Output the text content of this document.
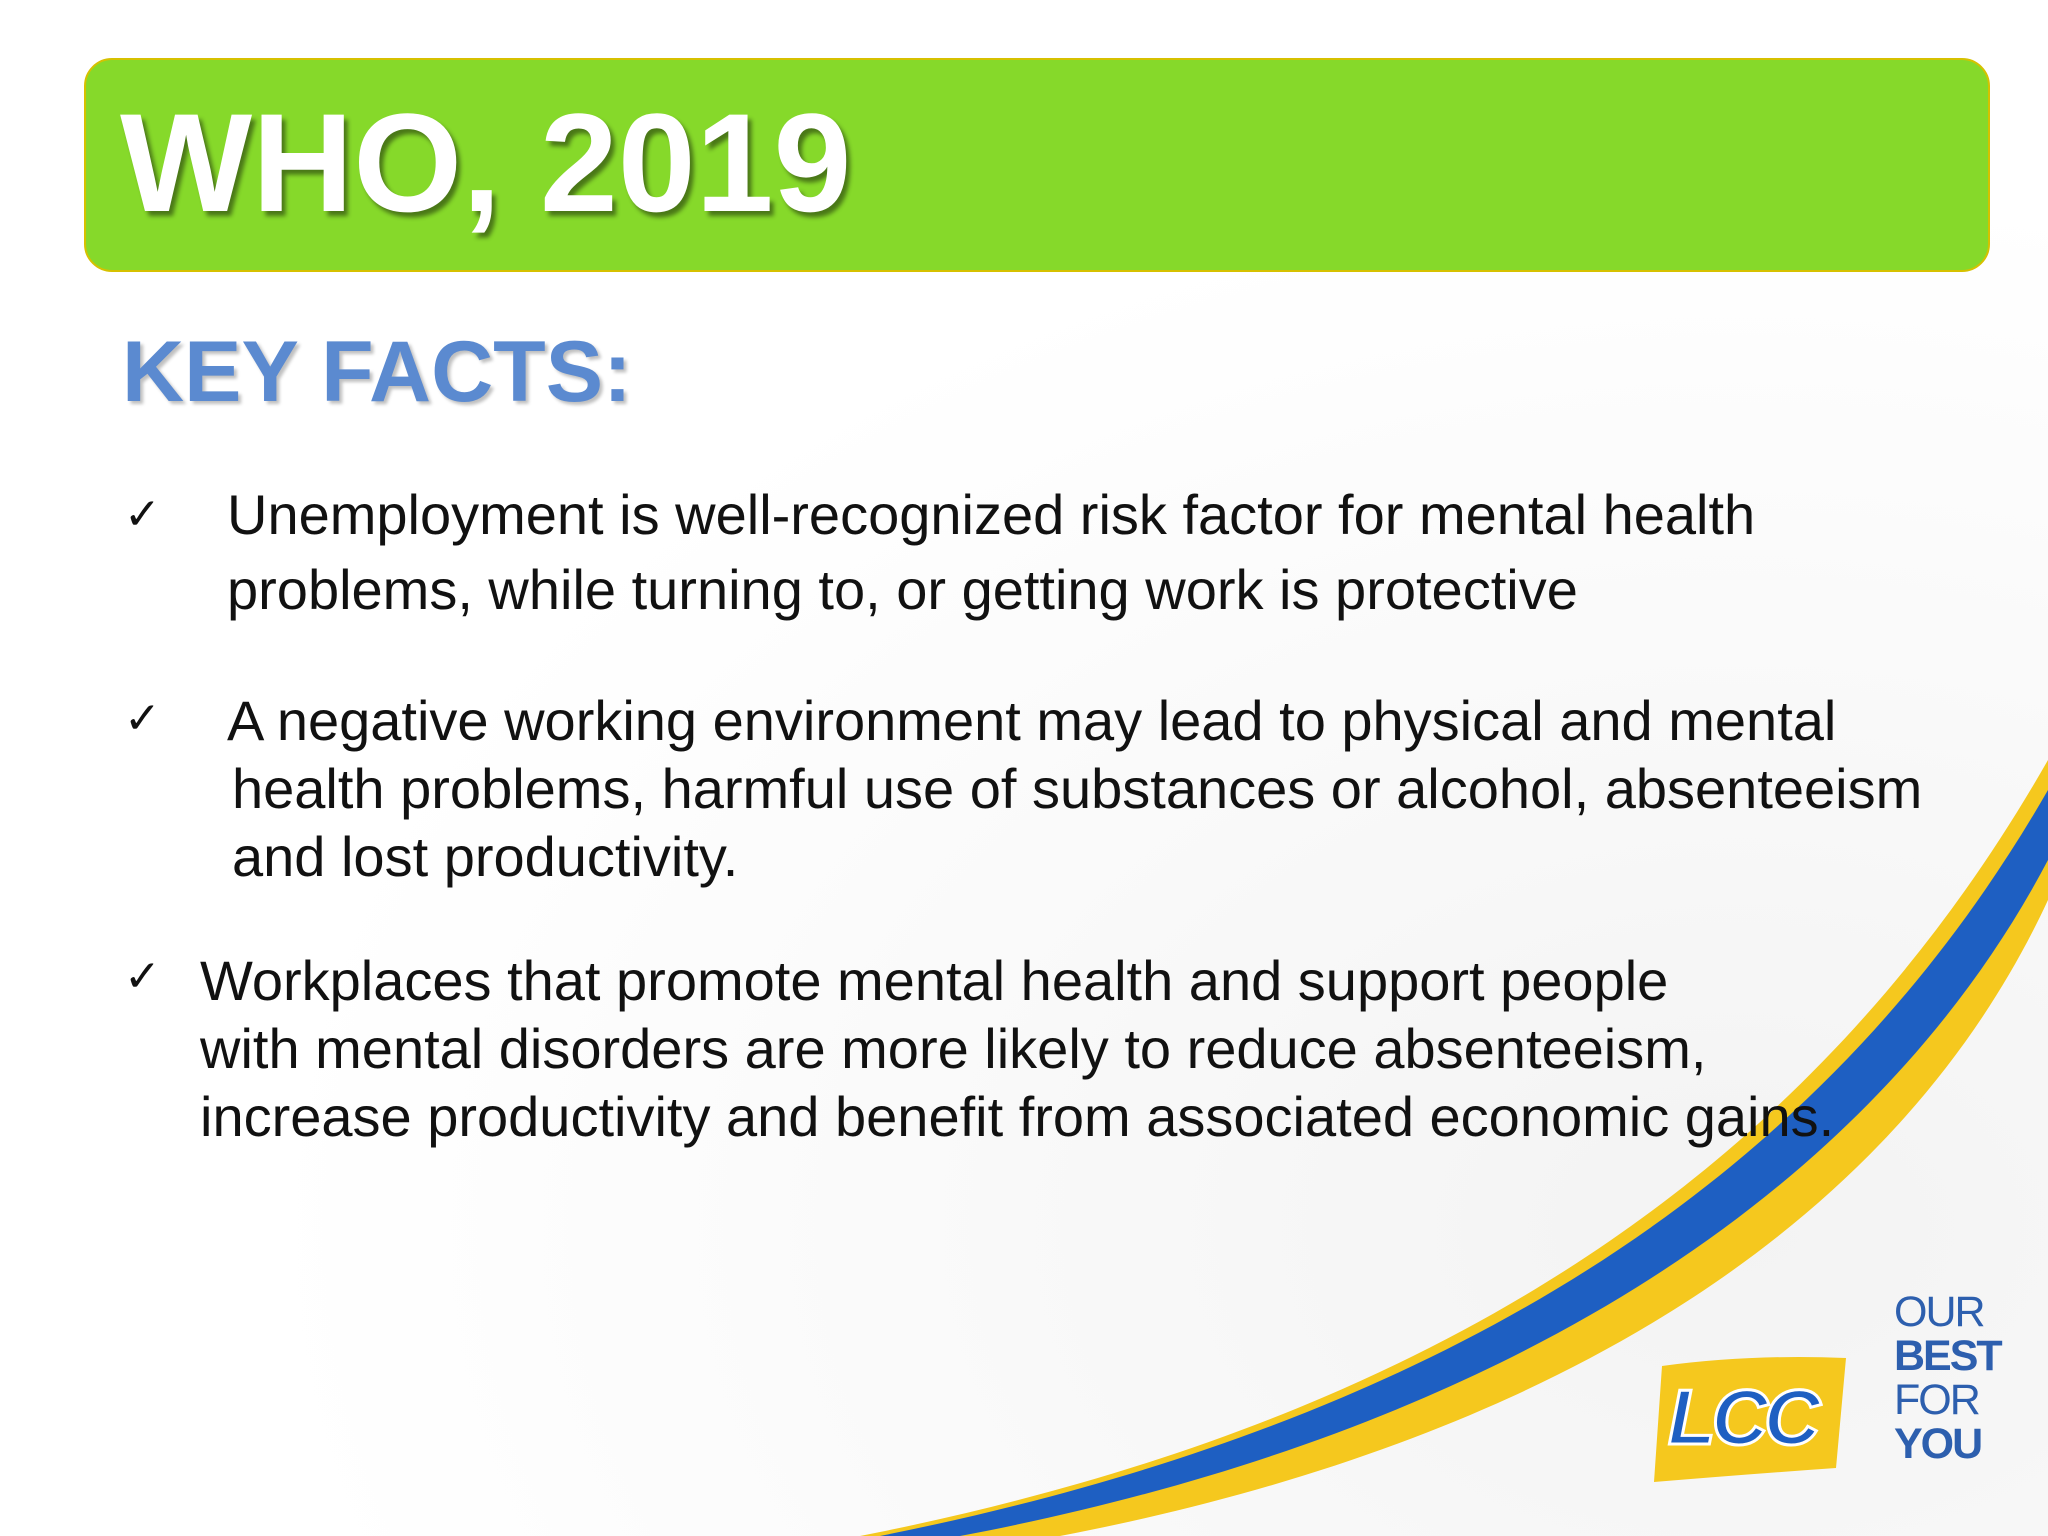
WHO, 2019
KEY FACTS:
✓ Unemployment is well-recognized risk factor for mental health
problems, while turning to, or getting work is protective
✓ A negative working environment may lead to physical and mental
health problems, harmful use of substances or alcohol, absenteeism
and lost productivity.
✓ Workplaces that promote mental health and support people
with mental disorders are more likely to reduce absenteeism,
increase productivity and benefit from associated economic gains.
LCC
OUR
BEST
FOR
YOU
